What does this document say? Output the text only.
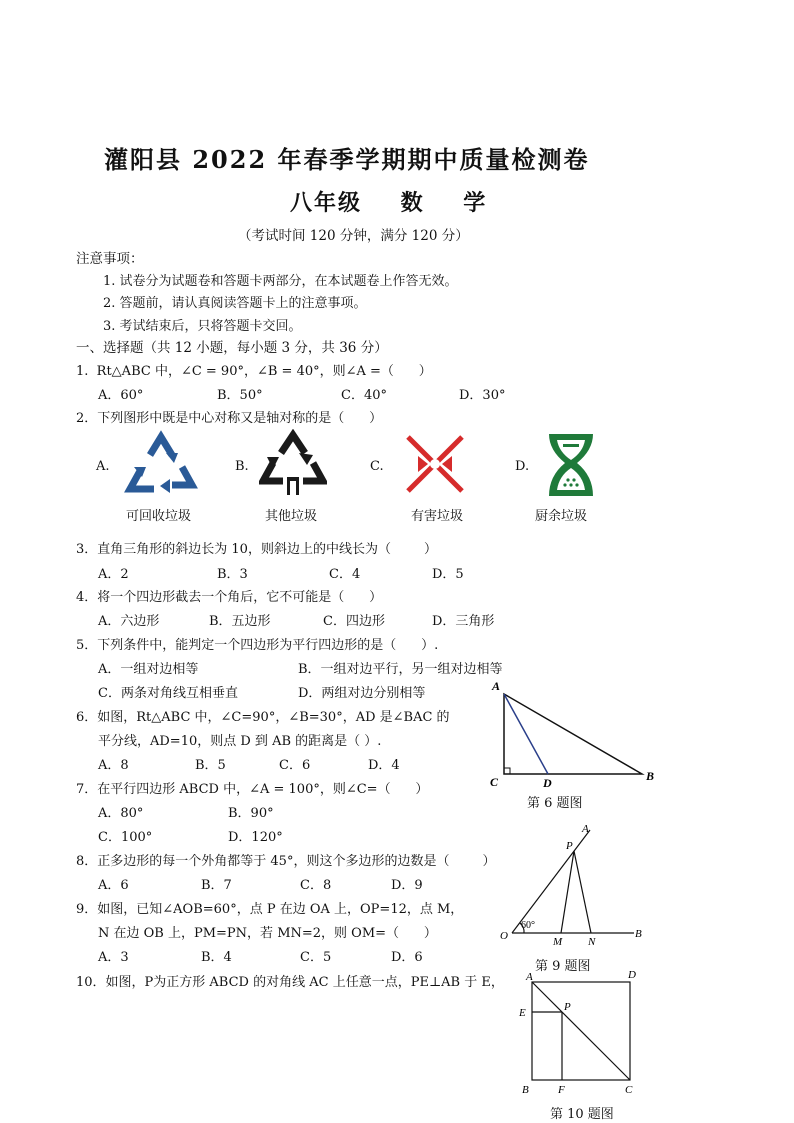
灌阳县 2022 年春季学期期中质量检测卷
八年级    数    学
（考试时间 120 分钟，满分 120 分）
注意事项：
1. 试卷分为试题卷和答题卡两部分，在本试题卷上作答无效。
2. 答题前，请认真阅读答题卡上的注意事项。
3. 考试结束后，只将答题卡交回。
一、选择题（共 12 小题，每小题 3 分，共 36 分）
1.  Rt△ABC 中，∠C = 90°，∠B = 40°，则∠A =（      ）
A．60°	B．50°	C．40°	D．30°
2．下列图形中既是中心对称又是轴对称的是（      ）
A.	B.	C.	D.
可回收垃圾	其他垃圾	有害垃圾	厨余垃圾
3．直角三角形的斜边长为 10，则斜边上的中线长为（        ）
A．2	B．3	C．4	D．5
4．将一个四边形截去一个角后，它不可能是（      ）
A．六边形	B．五边形	C．四边形	D．三角形
5．下列条件中，能判定一个四边形为平行四边形的是（      ）.
A．一组对边相等	B．一组对边平行，另一组对边相等
C．两条对角线互相垂直	D．两组对边分别相等
6．如图，Rt△ABC 中，∠C=90°，∠B=30°，AD 是∠BAC 的
平分线，AD=10，则点 D 到 AB 的距离是（ ）.
A．8	B．5	C．6	D．4
A
C	D	B
第 6 题图
7．在平行四边形 ABCD 中，∠A = 100°，则∠C=（      ）
A．80°	B．90°
C．100°	D．120°
8．正多边形的每一个外角都等于 45°，则这个多边形的边数是（        ）
A．6	B．7	C．8	D．9
9．如图，已知∠AOB=60°，点 P 在边 OA 上，OP=12，点 M，
N 在边 OB 上，PM=PN，若 MN=2，则 OM=（      ）
A．3	B．4	C．5	D．6
A
P
O	M N
B
60°
第 9 题图
10．如图，P为正方形 ABCD 的对角线 AC 上任意一点，PE⊥AB 于 E， A	D
E	P
B	F	C
第 10 题图
